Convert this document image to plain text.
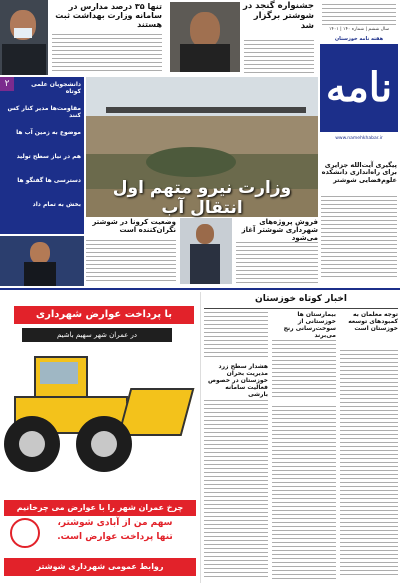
سال ششم | شماره ۱۴۰ | ۱۴۰۱
هفته نامه خوزستان
نامه
www.namehkhabar.ir
جشنواره گنجد در شوشتر برگزار شد
تنها ۳۵ درصد مدارس در سامانه وزارت بهداشت ثبت هستند
۲	دانشجویان علمی کوتاه
مقاومت‌ها مدیر کنار کس کنند
موضوع به زمین آب ها
هم در نیاز سطح تولید
دسترسی ها گفتگو ها
بخش به تمام داد
وزارت نیرو متهم اول انتقال آب
پیگیری آیت‌الله جزایری برای راه‌اندازی دانشکده علوم‌قضایی شوشتر
وضعیت کرونا در شوشتر نگران‌کننده است
فروش پروژه‌های شهرداری شوشتر آغاز می‌شود
اخبار کوتاه خوزستان
توجه معلمان به کمبودهای توسعه خوزستان است
بیمارستان ها خوزستانی از سوخت‌رسانی رنج می‌برند
هشدار سطح زرد مدیریت بحران خوزستان در خصوص فعالیت سامانه بارشی
با پرداخت عوارض شهرداری
در عمران شهر سهیم باشیم
چرخ عمران شهر را با عوارض می چرخانیم
سهم من از آبادی شوشتر،
تنها پرداخت عوارض است.
روابط عمومی شهرداری شوشتر
